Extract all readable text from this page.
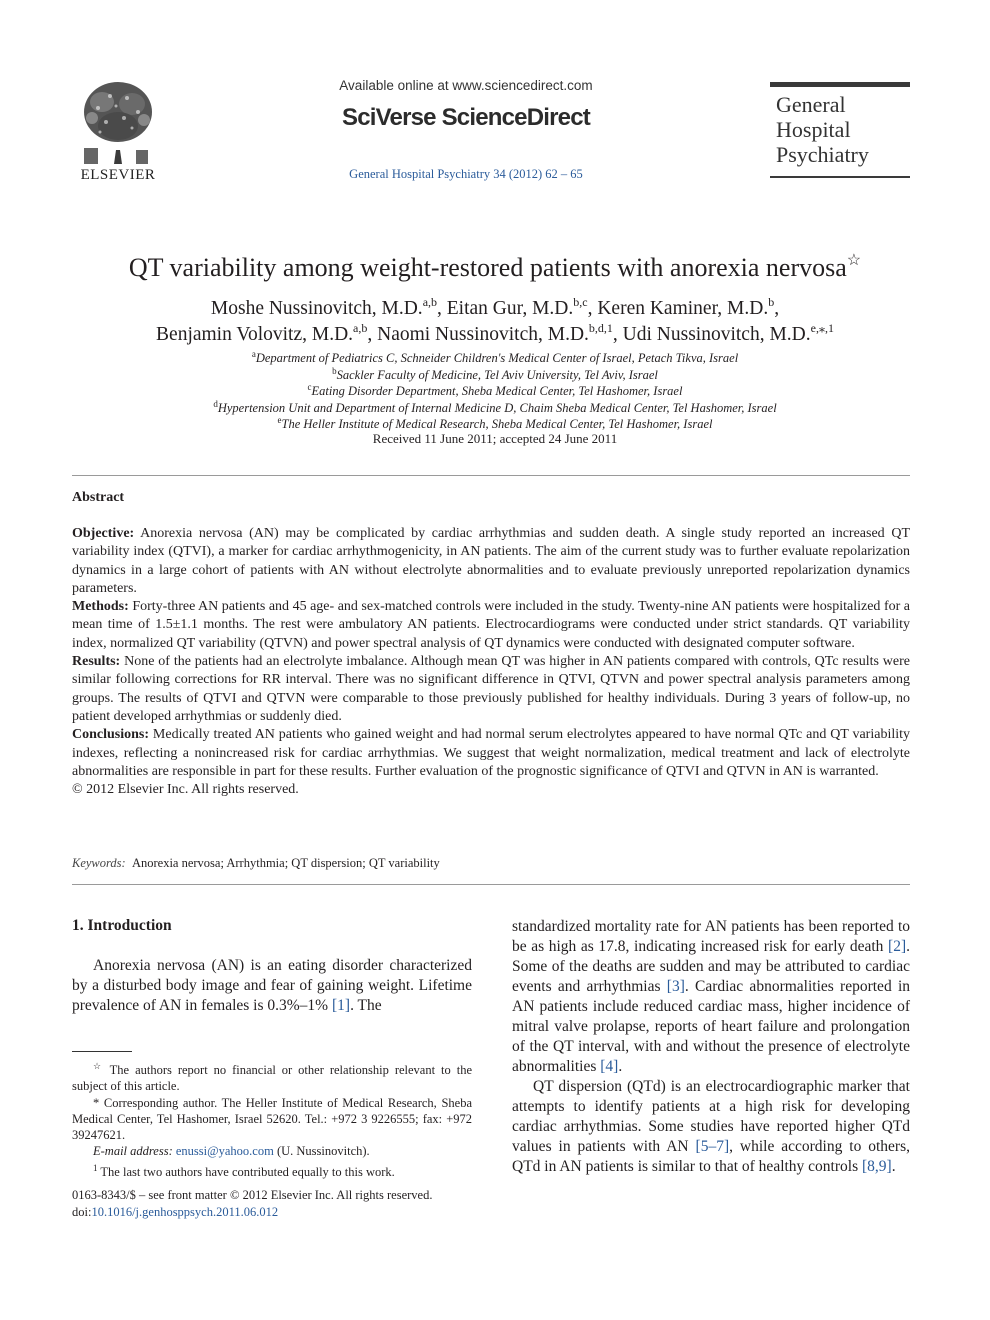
ELSEVIER
Available online at www.sciencedirect.com
SciVerse ScienceDirect
General Hospital Psychiatry 34 (2012) 62 – 65
General
Hospital
Psychiatry
QT variability among weight-restored patients with anorexia nervosa☆
Moshe Nussinovitch, M.D.$^{a,b}$, Eitan Gur, M.D.$^{b,c}$, Keren Kaminer, M.D.$^b$,
Benjamin Volovitz, M.D.$^{a,b}$, Naomi Nussinovitch, M.D.$^{b,d,1}$, Udi Nussinovitch, M.D.$^{e,⁎,1}$
$^a$Department of Pediatrics C, Schneider Children's Medical Center of Israel, Petach Tikva, Israel
$^b$Sackler Faculty of Medicine, Tel Aviv University, Tel Aviv, Israel
$^c$Eating Disorder Department, Sheba Medical Center, Tel Hashomer, Israel
$^d$Hypertension Unit and Department of Internal Medicine D, Chaim Sheba Medical Center, Tel Hashomer, Israel
$^e$The Heller Institute of Medical Research, Sheba Medical Center, Tel Hashomer, Israel
Received 11 June 2011; accepted 24 June 2011
Abstract

Objective: Anorexia nervosa (AN) may be complicated by cardiac arrhythmias and sudden death. A single study reported an increased QT variability index (QTVI), a marker for cardiac arrhythmogenicity, in AN patients. The aim of the current study was to further evaluate repolarization dynamics in a large cohort of patients with AN without electrolyte abnormalities and to evaluate previously unreported repolarization dynamics parameters.

Methods: Forty-three AN patients and 45 age- and sex-matched controls were included in the study. Twenty-nine AN patients were hospitalized for a mean time of 1.5±1.1 months. The rest were ambulatory AN patients. Electrocardiograms were conducted under strict standards. QT variability index, normalized QT variability (QTVN) and power spectral analysis of QT dynamics were conducted with designated computer software.

Results: None of the patients had an electrolyte imbalance. Although mean QT was higher in AN patients compared with controls, QTc results were similar following corrections for RR interval. There was no significant difference in QTVI, QTVN and power spectral analysis parameters among groups. The results of QTVI and QTVN were comparable to those previously published for healthy individuals. During 3 years of follow-up, no patient developed arrhythmias or suddenly died.

Conclusions: Medically treated AN patients who gained weight and had normal serum electrolytes appeared to have normal QTc and QT variability indexes, reflecting a nonincreased risk for cardiac arrhythmias. We suggest that weight normalization, medical treatment and lack of electrolyte abnormalities are responsible in part for these results. Further evaluation of the prognostic significance of QTVI and QTVN in AN is warranted.

© 2012 Elsevier Inc. All rights reserved.

Keywords: Anorexia nervosa; Arrhythmia; QT dispersion; QT variability
1. Introduction

Anorexia nervosa (AN) is an eating disorder characterized by a disturbed body image and fear of gaining weight. Lifetime prevalence of AN in females is 0.3%–1% [1]. The

standardized mortality rate for AN patients has been reported to be as high as 17.8, indicating increased risk for early death [2]. Some of the deaths are sudden and may be attributed to cardiac events and arrhythmias [3]. Cardiac abnormalities reported in AN patients include reduced cardiac mass, higher incidence of mitral valve prolapse, reports of heart failure and prolongation of the QT interval, with and without the presence of electrolyte abnormalities [4].

QT dispersion (QTd) is an electrocardiographic marker that attempts to identify patients at a high risk for developing cardiac arrhythmias. Some studies have reported higher QTd values in patients with AN [5–7], while according to others, QTd in AN patients is similar to that of healthy controls [8,9].

☆ The authors report no financial or other relationship relevant to the subject of this article.

* Corresponding author. The Heller Institute of Medical Research, Sheba Medical Center, Tel Hashomer, Israel 52620. Tel.: +972 3 9226555; fax: +972 39247621.

E-mail address: enussi@yahoo.com (U. Nussinovitch).

$^1$ The last two authors have contributed equally to this work.

0163-8343/$ – see front matter © 2012 Elsevier Inc. All rights reserved.
doi:10.1016/j.genhosppsych.2011.06.012
